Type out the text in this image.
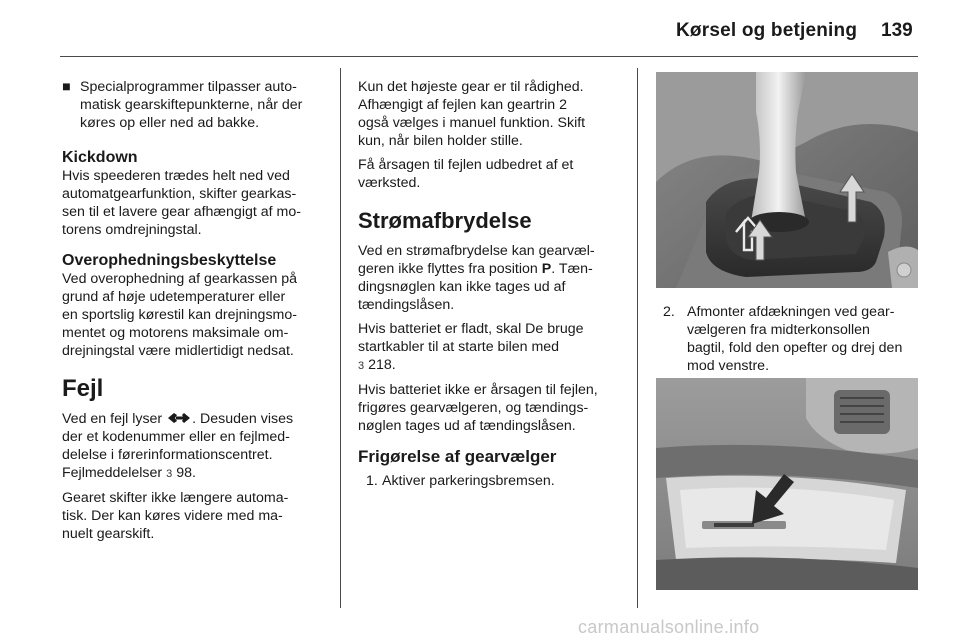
Kørsel og betjening 139
■ Specialprogrammer tilpasser auto-
matisk gearskiftepunkterne, når der
køres op eller ned ad bakke.
Kickdown

Hvis speederen trædes helt ned ved
automatgearfunktion, skifter gearkas-
sen til et lavere gear afhængigt af mo-
torens omdrejningstal.

Overophedningsbeskyttelse

Ved overophedning af gearkassen på
grund af høje udetemperaturer eller
en sportslig kørestil kan drejningsmo-
mentet og motorens maksimale om-
drejningstal være midlertidigt nedsat.

Fejl

Ved en fejl lyser . Desuden vises
der et kodenummer eller en fejlmed-
delelse i førerinformationscentret.
Fejlmeddelelser 3 98.

Gearet skifter ikke længere automa-
tisk. Der kan køres videre med ma-
nuelt gearskift.

Kun det højeste gear er til rådighed.
Afhængigt af fejlen kan geartrin 2
også vælges i manuel funktion. Skift
kun, når bilen holder stille.

Få årsagen til fejlen udbedret af et
værksted.

Strømafbrydelse

Ved en strømafbrydelse kan gearvæl-
geren ikke flyttes fra position P. Tæn-
dingsnøglen kan ikke tages ud af
tændingslåsen.

Hvis batteriet er fladt, skal De bruge
startkabler til at starte bilen med
3 218.

Hvis batteriet ikke er årsagen til fejlen,
frigøres gearvælgeren, og tændings-
nøglen tages ud af tændingslåsen.

Frigørelse af gearvælger
1. Aktiver parkeringsbremsen.
2. Afmonter afdækningen ved gear-
vælgeren fra midterkonsollen
bagtil, fold den opefter og drej den
mod venstre.
carmanualsonline.info
